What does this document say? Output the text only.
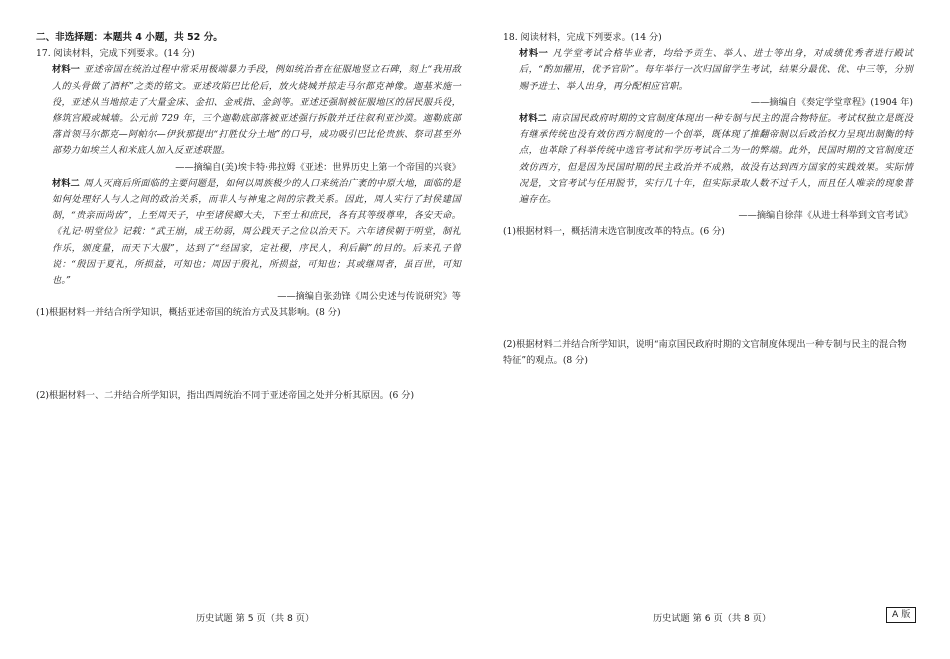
二、非选择题：本题共 4 小题，共 52 分。

17. 阅读材料，完成下列要求。(14 分)

材料一 亚述帝国在统治过程中常采用极端暴力手段，例如统治者在征服地竖立石碑，刻上“我用敌人的头骨做了酒杯”之类的铭文。亚述攻陷巴比伦后，放火烧城并掠走马尔都克神像。迦基米施一役，亚述从当地掠走了大量金床、金扣、金戒指、金剑等。亚述还强制被征服地区的居民服兵役，修筑宫殿或城墙。公元前 729 年，三个迦勒底部落被亚述强行拆散并迁往叙利亚沙漠。迦勒底部落首领马尔都克—阿帕尔—伊狄那提出“打胜仗分土地”的口号，成功吸引巴比伦贵族、祭司甚至外部势力如埃兰人和米底人加入反亚述联盟。

——摘编自(美)埃卡特·弗拉姆《亚述：世界历史上第一个帝国的兴衰》

材料二 周人灭商后所面临的主要问题是，如何以周族极少的人口来统治广袤的中原大地，面临的是如何处理好人与人之间的政治关系，而非人与神鬼之间的宗教关系。因此，周人实行了封侯建国制，“贵亲而尚齿”，上至周天子，中至诸侯卿大夫，下至士和庶民，各有其等级尊卑，各安天命。《礼记·明堂位》记载：“武王崩，成王幼弱，周公践天子之位以治天下。六年诸侯朝于明堂，制礼作乐，颁度量，而天下大服”，达到了“经国家，定社稷，序民人，利后嗣”的目的。后来孔子曾说：“殷因于夏礼，所损益，可知也；周因于殷礼，所损益，可知也；其或继周者，虽百世，可知也。”

——摘编自张劲锋《周公史述与传说研究》等

(1)根据材料一并结合所学知识，概括亚述帝国的统治方式及其影响。(8 分)

(2)根据材料一、二并结合所学知识，指出西周统治不同于亚述帝国之处并分析其原因。(6 分)

18. 阅读材料，完成下列要求。(14 分)

材料一 凡学堂考试合格毕业者，均给予贡生、举人、进士等出身，对成绩优秀者进行殿试后，“酌加擢用，优予官阶”。每年举行一次归国留学生考试，结果分最优、优、中三等，分别赐予进士、举人出身，再分配相应官职。

——摘编自《奏定学堂章程》(1904 年)

材料二 南京国民政府时期的文官制度体现出一种专制与民主的混合物特征。考试权独立是既没有继承传统也没有效仿西方制度的一个创举，既体现了推翻帝制以后政治权力呈现出制衡的特点，也革除了科举传统中选官考试和学历考试合二为一的弊端。此外，民国时期的文官制度还效仿西方，但是因为民国时期的民主政治并不成熟，故没有达到西方国家的实践效果。实际情况是，文官考试与任用脱节，实行几十年，但实际录取人数不过千人，而且任人唯亲的现象普遍存在。

——摘编自徐萍《从进士科举到文官考试》

(1)根据材料一，概括清末选官制度改革的特点。(6 分)

(2)根据材料二并结合所学知识，说明“南京国民政府时期的文官制度体现出一种专制与民主的混合物特征”的观点。(8 分)

历史试题 第 5 页（共 8 页）	历史试题 第 6 页（共 8 页）	A 版
